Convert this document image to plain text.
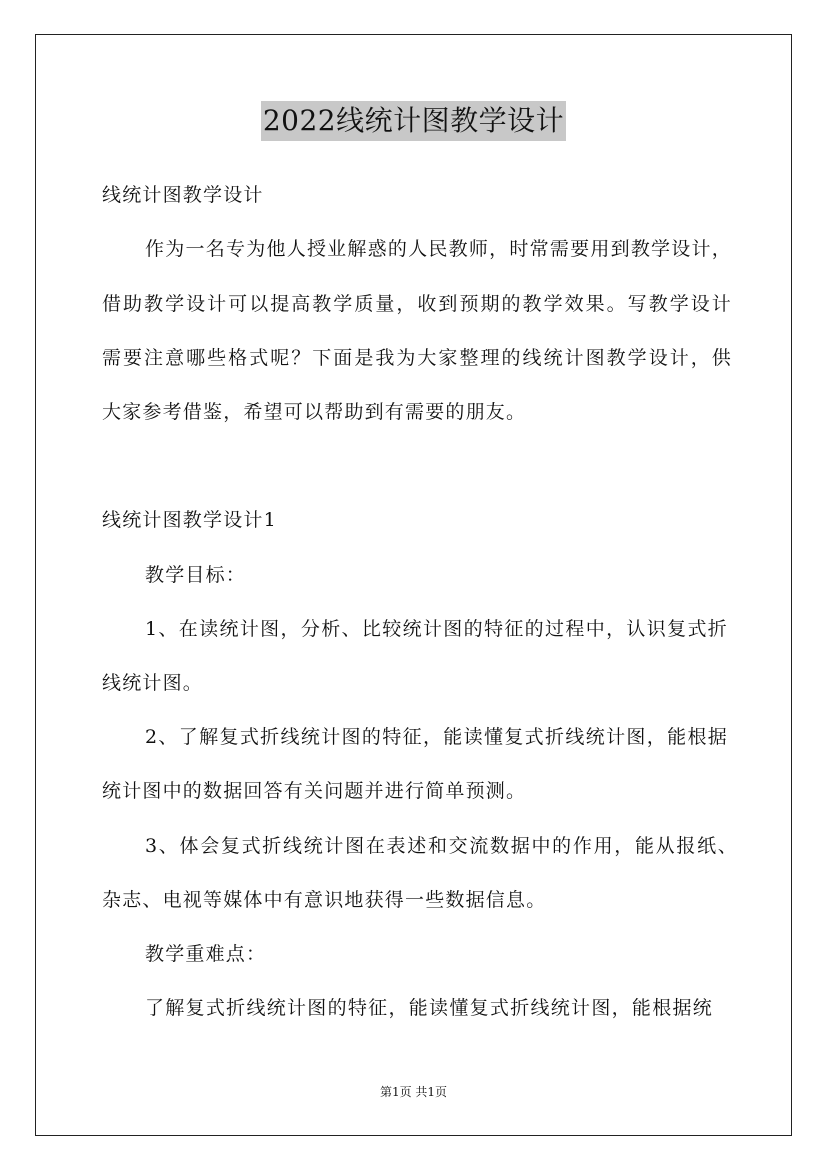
2022线统计图教学设计

线统计图教学设计

作为一名专为他人授业解惑的人民教师，时常需要用到教学设计，

借助教学设计可以提高教学质量，收到预期的教学效果。写教学设计

需要注意哪些格式呢？下面是我为大家整理的线统计图教学设计，供

大家参考借鉴，希望可以帮助到有需要的朋友。

线统计图教学设计1

教学目标：

1、在读统计图，分析、比较统计图的特征的过程中，认识复式折

线统计图。

2、了解复式折线统计图的特征，能读懂复式折线统计图，能根据

统计图中的数据回答有关问题并进行简单预测。

3、体会复式折线统计图在表述和交流数据中的作用，能从报纸、

杂志、电视等媒体中有意识地获得一些数据信息。

教学重难点：

了解复式折线统计图的特征，能读懂复式折线统计图，能根据统

第1页 共1页
